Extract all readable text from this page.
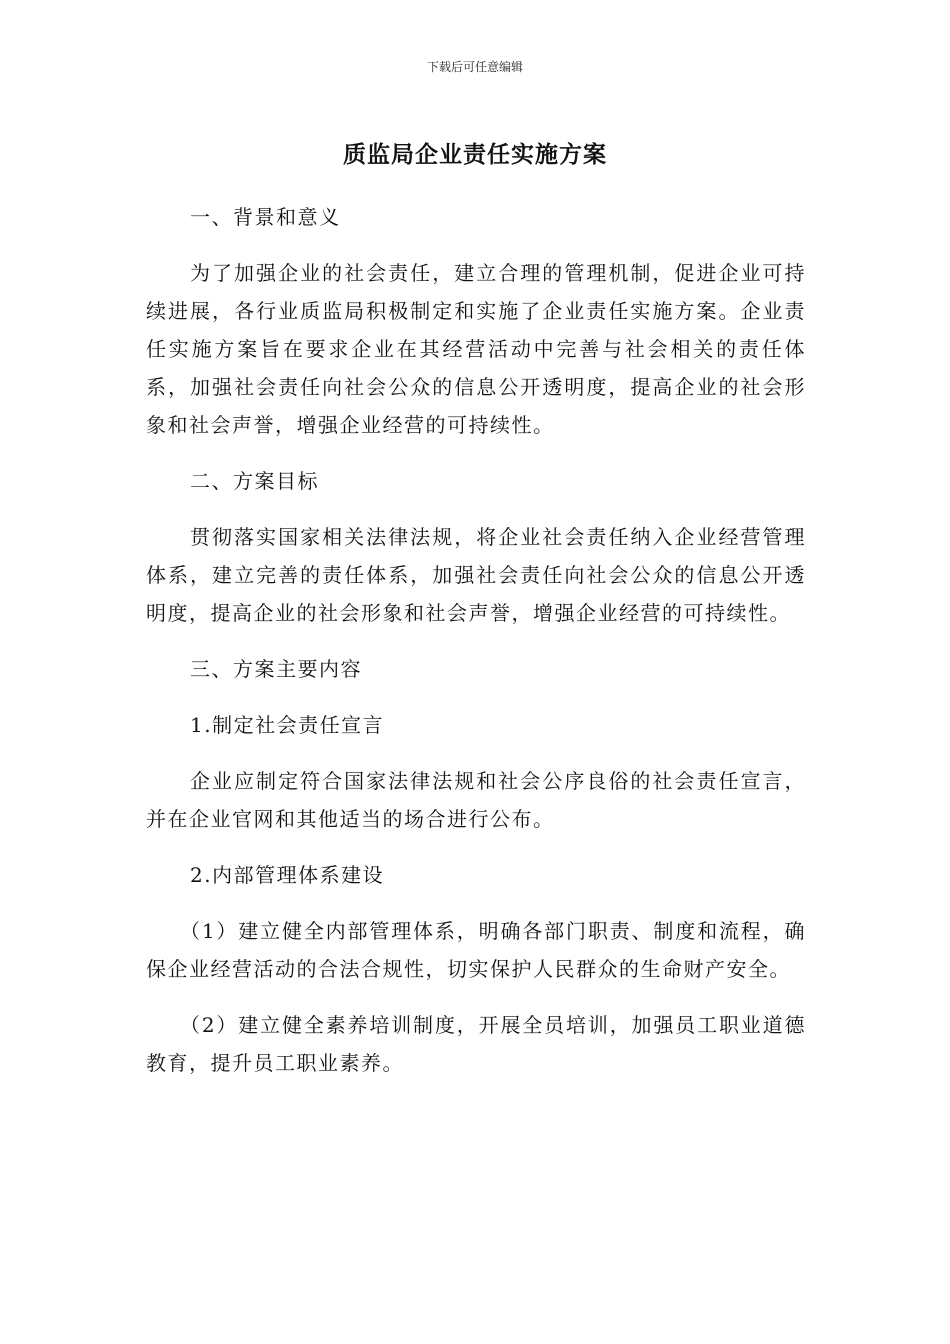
下载后可任意编辑
质监局企业责任实施方案

一、背景和意义

为了加强企业的社会责任，建立合理的管理机制，促进企业可持续进展，各行业质监局积极制定和实施了企业责任实施方案。企业责任实施方案旨在要求企业在其经营活动中完善与社会相关的责任体系，加强社会责任向社会公众的信息公开透明度，提高企业的社会形象和社会声誉，增强企业经营的可持续性。

二、方案目标

贯彻落实国家相关法律法规，将企业社会责任纳入企业经营管理体系，建立完善的责任体系，加强社会责任向社会公众的信息公开透明度，提高企业的社会形象和社会声誉，增强企业经营的可持续性。

三、方案主要内容

1.制定社会责任宣言

企业应制定符合国家法律法规和社会公序良俗的社会责任宣言，并在企业官网和其他适当的场合进行公布。

2.内部管理体系建设

（1）建立健全内部管理体系，明确各部门职责、制度和流程，确保企业经营活动的合法合规性，切实保护人民群众的生命财产安全。

（2）建立健全素养培训制度，开展全员培训，加强员工职业道德教育，提升员工职业素养。
